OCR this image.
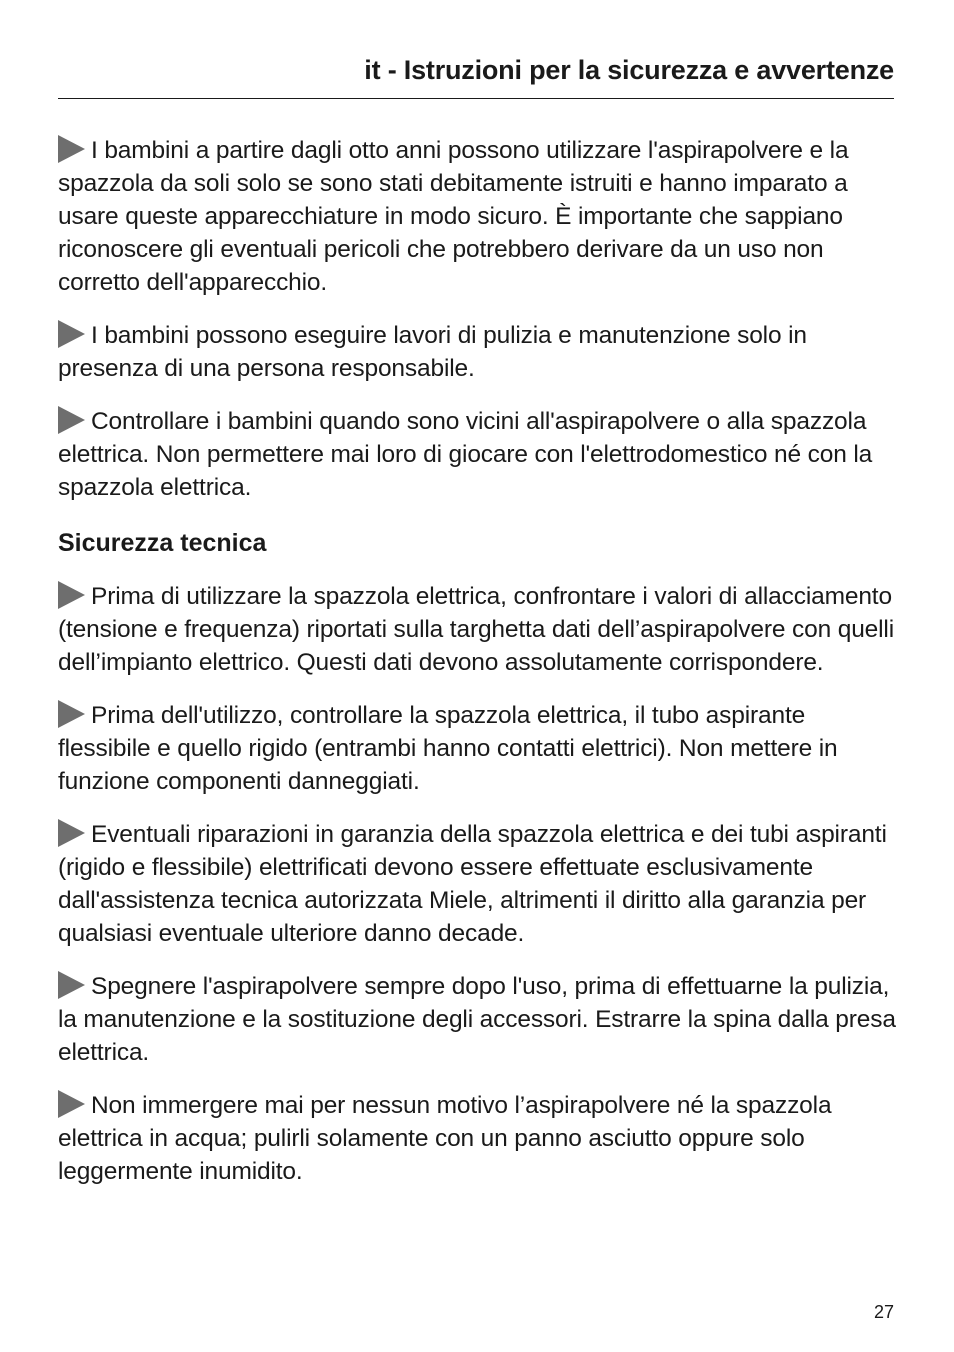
it - Istruzioni per la sicurezza e avvertenze

I bambini a partire dagli otto anni possono utilizzare l'aspirapolvere e la spazzola da soli solo se sono stati debitamente istruiti e hanno imparato a usare queste apparecchiature in modo sicuro. È importante che sappiano riconoscere gli eventuali pericoli che potrebbero derivare da un uso non corretto dell'apparecchio.

I bambini possono eseguire lavori di pulizia e manutenzione solo in presenza di una persona responsabile.

Controllare i bambini quando sono vicini all'aspirapolvere o alla spazzola elettrica. Non permettere mai loro di giocare con l'elettrodomestico né con la spazzola elettrica.

Sicurezza tecnica

Prima di utilizzare la spazzola elettrica, confrontare i valori di allacciamento (tensione e frequenza) riportati sulla targhetta dati dell’aspirapolvere con quelli dell’impianto elettrico. Questi dati devono assolutamente corrispondere.

Prima dell'utilizzo, controllare la spazzola elettrica, il tubo aspirante flessibile e quello rigido (entrambi hanno contatti elettrici). Non mettere in funzione componenti danneggiati.

Eventuali riparazioni in garanzia della spazzola elettrica e dei tubi aspiranti (rigido e flessibile) elettrificati devono essere effettuate esclusivamente dall'assistenza tecnica autorizzata Miele, altrimenti il diritto alla garanzia per qualsiasi eventuale ulteriore danno decade.

Spegnere l'aspirapolvere sempre dopo l'uso, prima di effettuarne la pulizia, la manutenzione e la sostituzione degli accessori. Estrarre la spina dalla presa elettrica.

Non immergere mai per nessun motivo l’aspirapolvere né la spazzola elettrica in acqua; pulirli solamente con un panno asciutto oppure solo leggermente inumidito.

27
